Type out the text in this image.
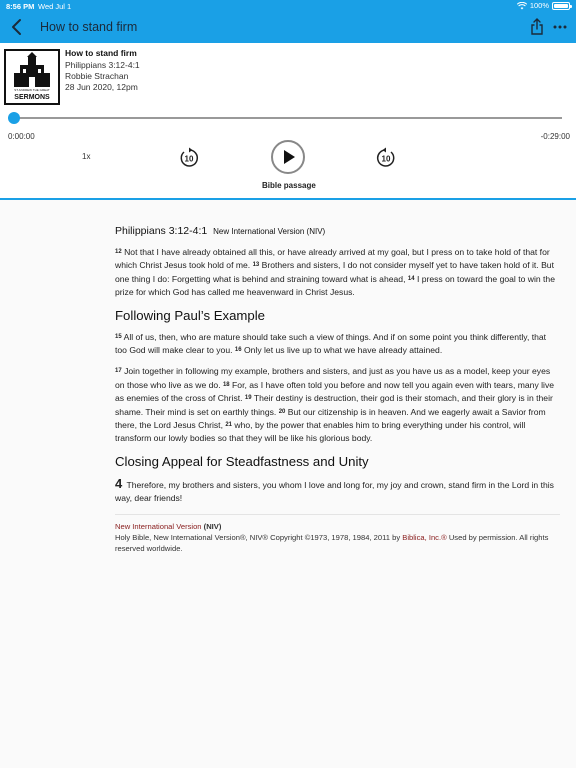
8:56 PM Wed Jul 1	100%
How to stand firm
ST ANDREW THE GREAT
SERMONS
How to stand firm
Philippians 3:12-4:1
Robbie Strachan
28 Jun 2020, 12pm
0:00:00	-0:29:00
1x	10	10
Bible passage
Philippians 3:12-4:1 New International Version (NIV)

$^{12}$ Not that I have already obtained all this, or have already arrived at my goal, but I press on to take hold of that for which Christ Jesus took hold of me. $^{13}$ Brothers and sisters, I do not consider myself yet to have taken hold of it. But one thing I do: Forgetting what is behind and straining toward what is ahead, $^{14}$ I press on toward the goal to win the prize for which God has called me heavenward in Christ Jesus.

Following Paul’s Example

$^{15}$ All of us, then, who are mature should take such a view of things. And if on some point you think differently, that too God will make clear to you. $^{16}$ Only let us live up to what we have already attained.

$^{17}$ Join together in following my example, brothers and sisters, and just as you have us as a model, keep your eyes on those who live as we do. $^{18}$ For, as I have often told you before and now tell you again even with tears, many live as enemies of the cross of Christ. $^{19}$ Their destiny is destruction, their god is their stomach, and their glory is in their shame. Their mind is set on earthly things. $^{20}$ But our citizenship is in heaven. And we eagerly await a Savior from there, the Lord Jesus Christ, $^{21}$ who, by the power that enables him to bring everything under his control, will transform our lowly bodies so that they will be like his glorious body.

Closing Appeal for Steadfastness and Unity

4 Therefore, my brothers and sisters, you whom I love and long for, my joy and crown, stand firm in the Lord in this way, dear friends!

New International Version (NIV)
Holy Bible, New International Version®, NIV® Copyright ©1973, 1978, 1984, 2011 by Biblica, Inc.® Used by permission. All rights reserved worldwide.
